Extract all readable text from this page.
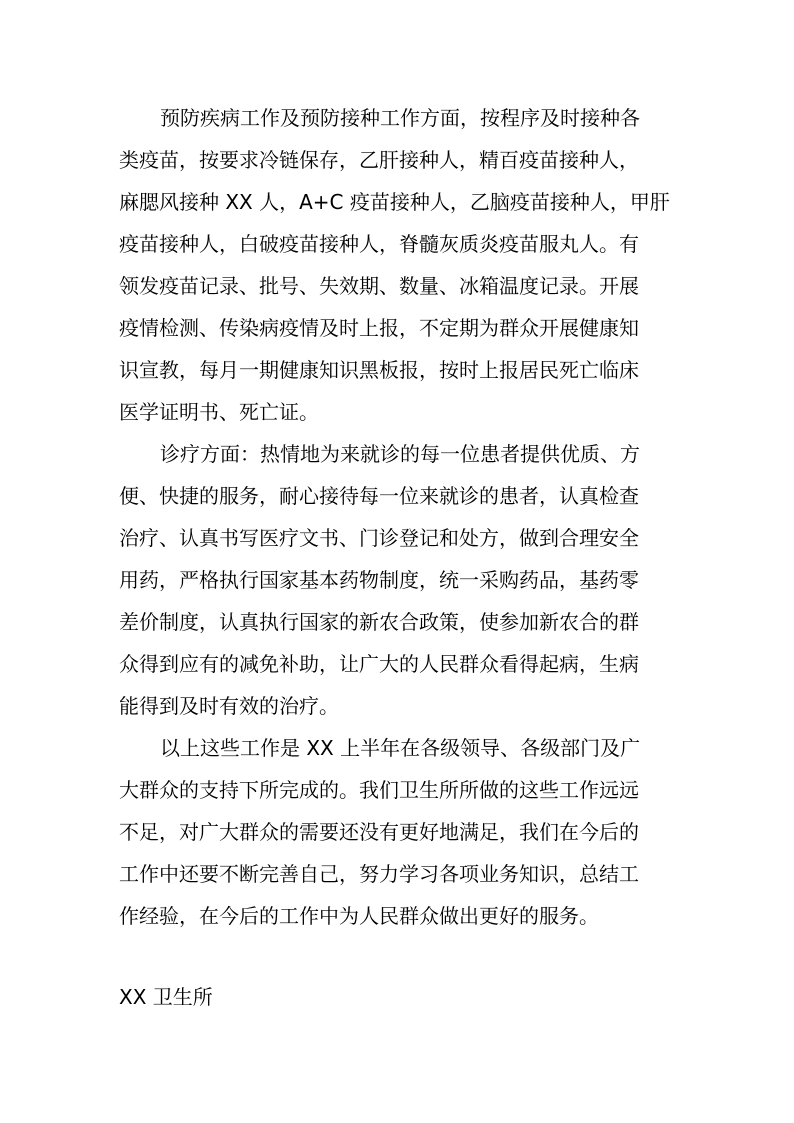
预防疾病工作及预防接种工作方面，按程序及时接种各
类疫苗，按要求冷链保存，乙肝接种人，精百疫苗接种人，
麻腮风接种 XX 人，A+C 疫苗接种人，乙脑疫苗接种人，甲肝
疫苗接种人，白破疫苗接种人，脊髓灰质炎疫苗服丸人。有
领发疫苗记录、批号、失效期、数量、冰箱温度记录。开展
疫情检测、传染病疫情及时上报，不定期为群众开展健康知
识宣教，每月一期健康知识黑板报，按时上报居民死亡临床
医学证明书、死亡证。
诊疗方面：热情地为来就诊的每一位患者提供优质、方
便、快捷的服务，耐心接待每一位来就诊的患者，认真检查
治疗、认真书写医疗文书、门诊登记和处方，做到合理安全
用药，严格执行国家基本药物制度，统一采购药品，基药零
差价制度，认真执行国家的新农合政策，使参加新农合的群
众得到应有的减免补助，让广大的人民群众看得起病，生病
能得到及时有效的治疗。
以上这些工作是 XX 上半年在各级领导、各级部门及广
大群众的支持下所完成的。我们卫生所所做的这些工作远远
不足，对广大群众的需要还没有更好地满足，我们在今后的
工作中还要不断完善自己，努力学习各项业务知识，总结工
作经验，在今后的工作中为人民群众做出更好的服务。
XX 卫生所
